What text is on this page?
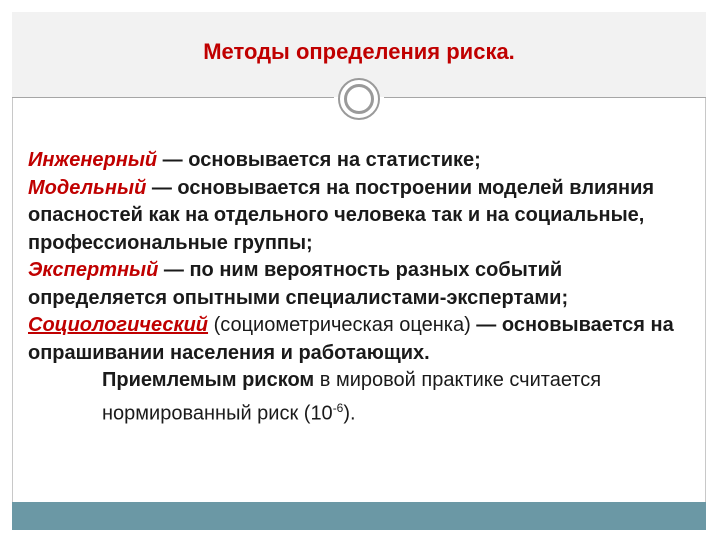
Методы определения риска.

Инженерный — основывается на статистике;
Модельный — основывается на построении моделей влияния опасностей как на отдельного человека так и на социальные, профессиональные группы;
Экспертный — по ним вероятность разных событий определяется опытными специалистами-экспертами;
Социологический (социометрическая оценка) — основывается на опрашивании населения и работающих.

Приемлемым риском в мировой практике считается нормированный риск $(10^{-6})$.
